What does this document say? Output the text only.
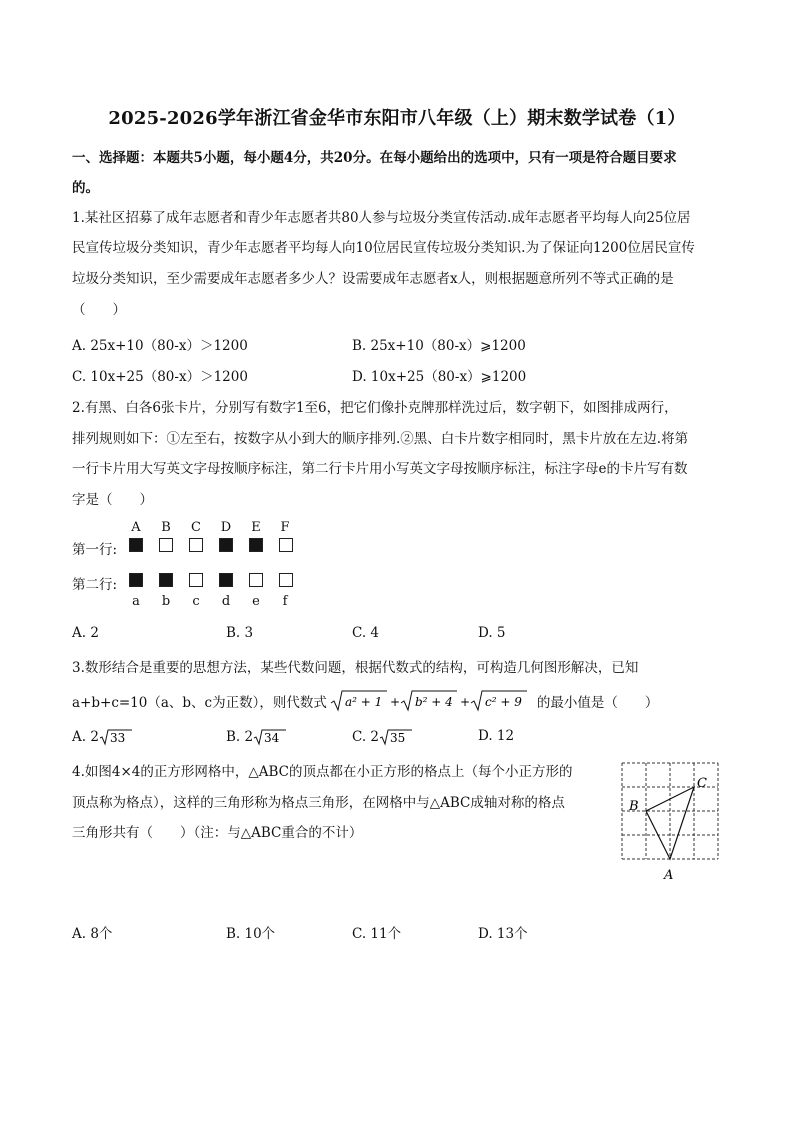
2025-2026学年浙江省金华市东阳市八年级（上）期末数学试卷（1）
一、选择题：本题共5小题，每小题4分，共20分。在每小题给出的选项中，只有一项是符合题目要求
的。
1.某社区招募了成年志愿者和青少年志愿者共80人参与垃圾分类宣传活动.成年志愿者平均每人向25位居
民宣传垃圾分类知识，青少年志愿者平均每人向10位居民宣传垃圾分类知识.为了保证向1200位居民宣传
垃圾分类知识，至少需要成年志愿者多少人？设需要成年志愿者x人，则根据题意所列不等式正确的是
（　　）
A. 25x+10（80-x）＞1200	B. 25x+10（80-x）⩾1200
C. 10x+25（80-x）＞1200	D. 10x+25（80-x）⩾1200
2.有黑、白各6张卡片，分别写有数字1至6，把它们像扑克牌那样洗过后，数字朝下，如图排成两行，
排列规则如下：①左至右，按数字从小到大的顺序排列.②黑、白卡片数字相同时，黑卡片放在左边.将第
一行卡片用大写英文字母按顺序标注，第二行卡片用小写英文字母按顺序标注，标注字母e的卡片写有数
字是（　　）
A	B	C	D	E	F
第一行:
第二行:
a	b	c	d	e	f
A. 2	B. 3	C. 4	D. 5
3.数形结合是重要的思想方法，某些代数问题，根据代数式的结构，可构造几何图形解决，已知
a+b+c=10（a、b、c为正数），则代数式 a² + 1 + b² + 4 + c² + 9 的最小值是（　　）
A. 2 33	B. 2 34	C. 2 35	D. 12
4.如图4×4的正方形网格中，△ABC的顶点都在小正方形的格点上（每个小正方形的
顶点称为格点），这样的三角形称为格点三角形，在网格中与△ABC成轴对称的格点
三角形共有（　　）（注：与△ABC重合的不计）
A
B
C
A. 8个	B. 10个	C. 11个	D. 13个
